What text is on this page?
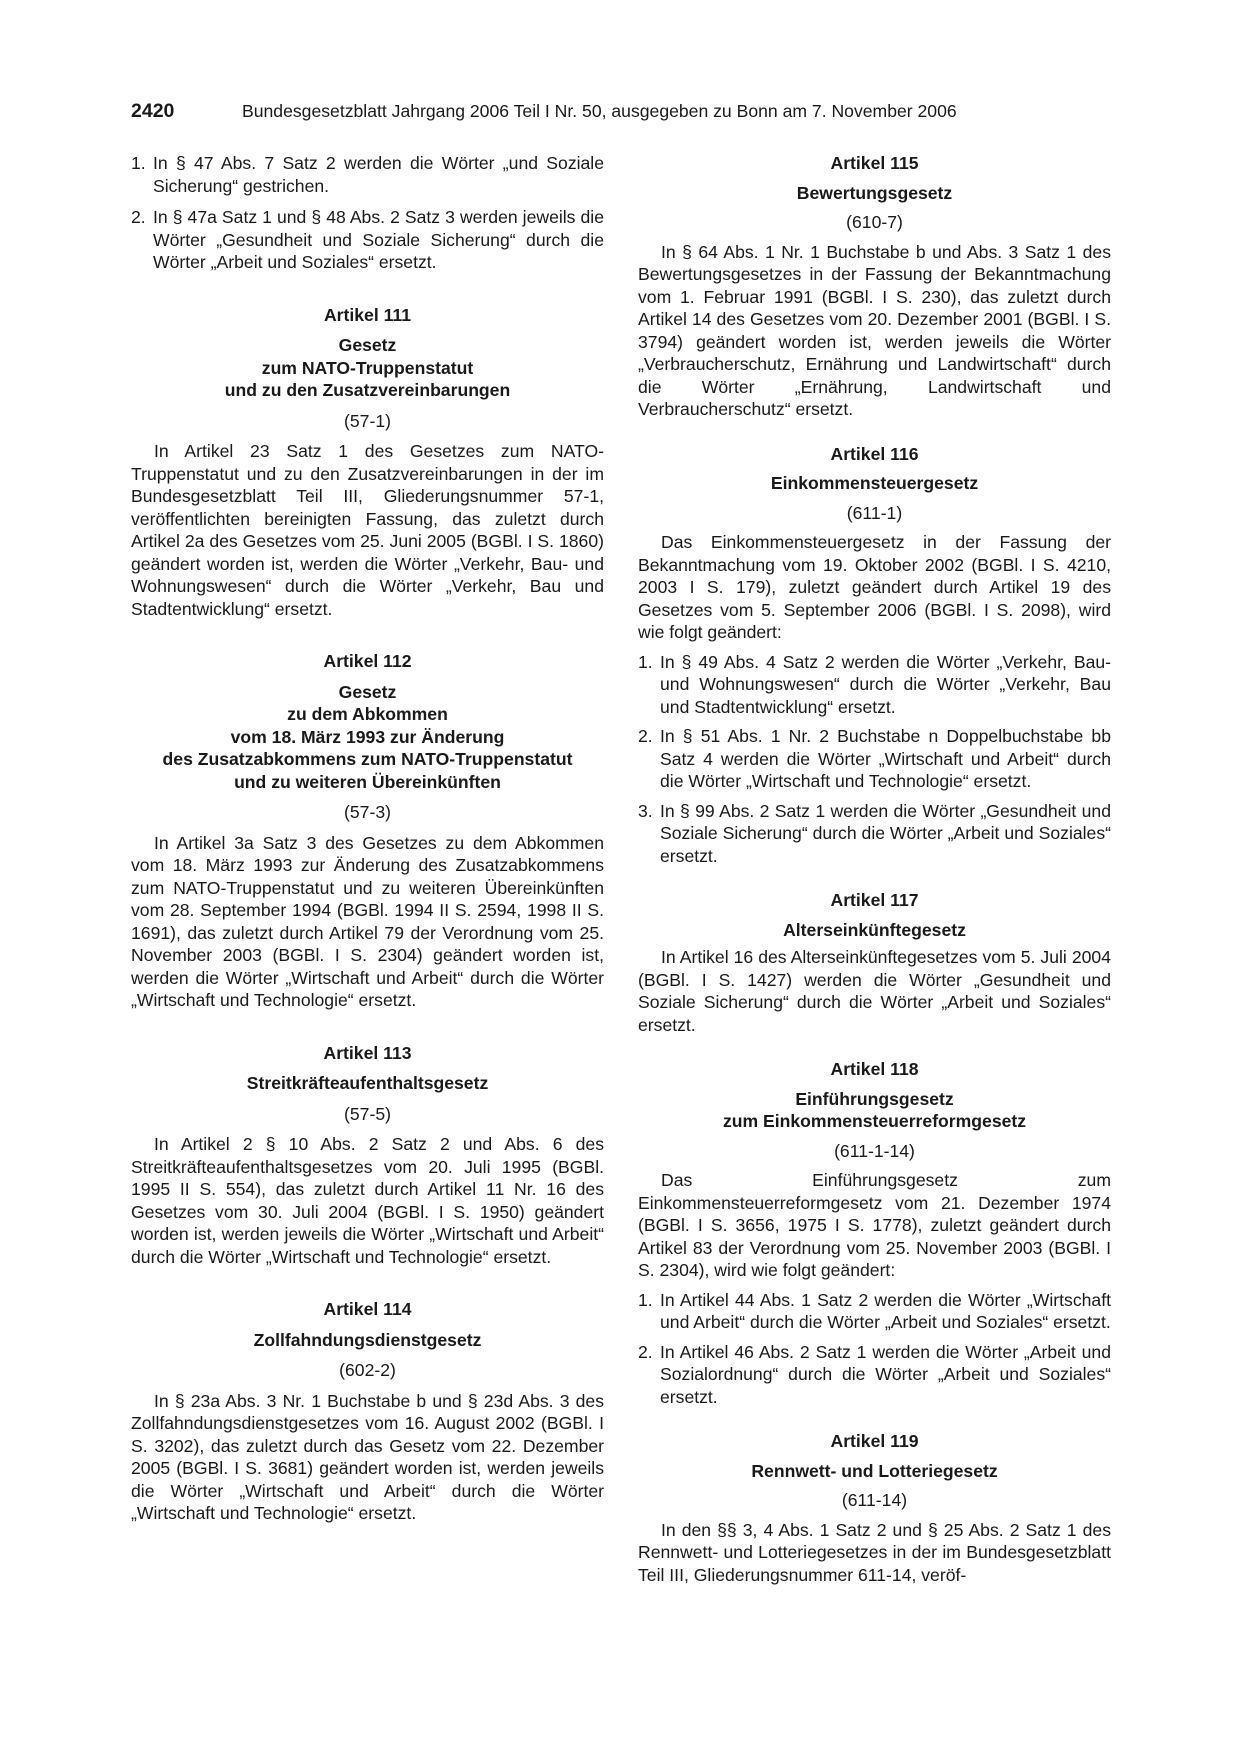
2420	Bundesgesetzblatt Jahrgang 2006 Teil I Nr. 50, ausgegeben zu Bonn am 7. November 2006
1. In § 47 Abs. 7 Satz 2 werden die Wörter „und Soziale Sicherung“ gestrichen.
2. In § 47a Satz 1 und § 48 Abs. 2 Satz 3 werden jeweils die Wörter „Gesundheit und Soziale Sicherung“ durch die Wörter „Arbeit und Soziales“ ersetzt.
Artikel 111
Gesetz
zum NATO-Truppenstatut
und zu den Zusatzvereinbarungen
(57-1)

In Artikel 23 Satz 1 des Gesetzes zum NATO-Truppenstatut und zu den Zusatzvereinbarungen in der im Bundesgesetzblatt Teil III, Gliederungsnummer 57-1, veröffentlichten bereinigten Fassung, das zuletzt durch Artikel 2a des Gesetzes vom 25. Juni 2005 (BGBl. I S. 1860) geändert worden ist, werden die Wörter „Verkehr, Bau- und Wohnungswesen“ durch die Wörter „Verkehr, Bau und Stadtentwicklung“ ersetzt.

Artikel 112
Gesetz
zu dem Abkommen
vom 18. März 1993 zur Änderung
des Zusatzabkommens zum NATO-Truppenstatut
und zu weiteren Übereinkünften
(57-3)

In Artikel 3a Satz 3 des Gesetzes zu dem Abkommen vom 18. März 1993 zur Änderung des Zusatzabkommens zum NATO-Truppenstatut und zu weiteren Übereinkünften vom 28. September 1994 (BGBl. 1994 II S. 2594, 1998 II S. 1691), das zuletzt durch Artikel 79 der Verordnung vom 25. November 2003 (BGBl. I S. 2304) geändert worden ist, werden die Wörter „Wirtschaft und Arbeit“ durch die Wörter „Wirtschaft und Technologie“ ersetzt.

Artikel 113
Streitkräfteaufenthaltsgesetz
(57-5)

In Artikel 2 § 10 Abs. 2 Satz 2 und Abs. 6 des Streitkräfteaufenthaltsgesetzes vom 20. Juli 1995 (BGBl. 1995 II S. 554), das zuletzt durch Artikel 11 Nr. 16 des Gesetzes vom 30. Juli 2004 (BGBl. I S. 1950) geändert worden ist, werden jeweils die Wörter „Wirtschaft und Arbeit“ durch die Wörter „Wirtschaft und Technologie“ ersetzt.

Artikel 114
Zollfahndungsdienstgesetz
(602-2)

In § 23a Abs. 3 Nr. 1 Buchstabe b und § 23d Abs. 3 des Zollfahndungsdienstgesetzes vom 16. August 2002 (BGBl. I S. 3202), das zuletzt durch das Gesetz vom 22. Dezember 2005 (BGBl. I S. 3681) geändert worden ist, werden jeweils die Wörter „Wirtschaft und Arbeit“ durch die Wörter „Wirtschaft und Technologie“ ersetzt.

Artikel 115
Bewertungsgesetz
(610-7)

In § 64 Abs. 1 Nr. 1 Buchstabe b und Abs. 3 Satz 1 des Bewertungsgesetzes in der Fassung der Bekanntmachung vom 1. Februar 1991 (BGBl. I S. 230), das zuletzt durch Artikel 14 des Gesetzes vom 20. Dezember 2001 (BGBl. I S. 3794) geändert worden ist, werden jeweils die Wörter „Verbraucherschutz, Ernährung und Landwirtschaft“ durch die Wörter „Ernährung, Landwirtschaft und Verbraucherschutz“ ersetzt.

Artikel 116
Einkommensteuergesetz
(611-1)

Das Einkommensteuergesetz in der Fassung der Bekanntmachung vom 19. Oktober 2002 (BGBl. I S. 4210, 2003 I S. 179), zuletzt geändert durch Artikel 19 des Gesetzes vom 5. September 2006 (BGBl. I S. 2098), wird wie folgt geändert:

1. In § 49 Abs. 4 Satz 2 werden die Wörter „Verkehr, Bau- und Wohnungswesen“ durch die Wörter „Verkehr, Bau und Stadtentwicklung“ ersetzt.
2. In § 51 Abs. 1 Nr. 2 Buchstabe n Doppelbuchstabe bb Satz 4 werden die Wörter „Wirtschaft und Arbeit“ durch die Wörter „Wirtschaft und Technologie“ ersetzt.
3. In § 99 Abs. 2 Satz 1 werden die Wörter „Gesundheit und Soziale Sicherung“ durch die Wörter „Arbeit und Soziales“ ersetzt.
Artikel 117
Alterseinkünftegesetz

In Artikel 16 des Alterseinkünftegesetzes vom 5. Juli 2004 (BGBl. I S. 1427) werden die Wörter „Gesundheit und Soziale Sicherung“ durch die Wörter „Arbeit und Soziales“ ersetzt.

Artikel 118
Einführungsgesetz
zum Einkommensteuerreformgesetz
(611-1-14)

Das Einführungsgesetz zum Einkommensteuerreformgesetz vom 21. Dezember 1974 (BGBl. I S. 3656, 1975 I S. 1778), zuletzt geändert durch Artikel 83 der Verordnung vom 25. November 2003 (BGBl. I S. 2304), wird wie folgt geändert:

1. In Artikel 44 Abs. 1 Satz 2 werden die Wörter „Wirtschaft und Arbeit“ durch die Wörter „Arbeit und Soziales“ ersetzt.
2. In Artikel 46 Abs. 2 Satz 1 werden die Wörter „Arbeit und Sozialordnung“ durch die Wörter „Arbeit und Soziales“ ersetzt.
Artikel 119
Rennwett- und Lotteriegesetz
(611-14)

In den §§ 3, 4 Abs. 1 Satz 2 und § 25 Abs. 2 Satz 1 des Rennwett- und Lotteriegesetzes in der im Bundesgesetzblatt Teil III, Gliederungsnummer 611-14, veröf-
